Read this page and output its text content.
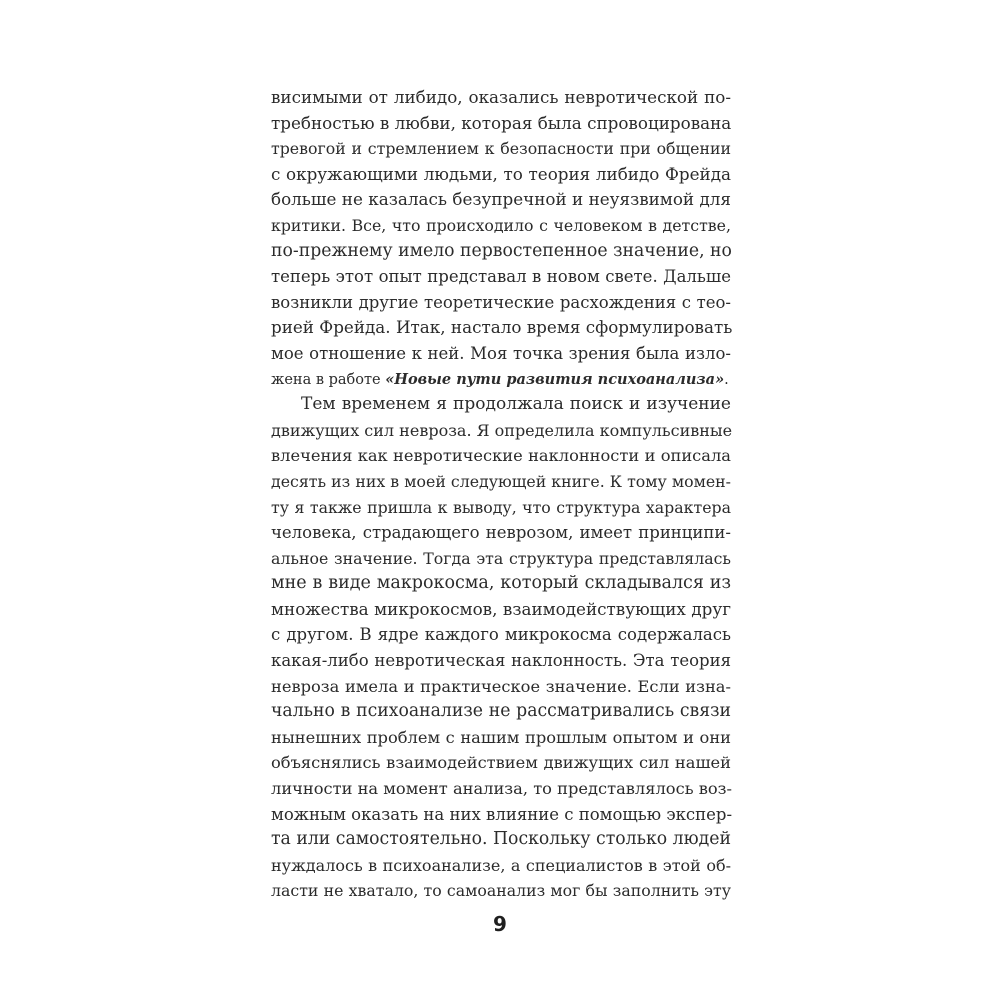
висимыми от либидо, оказались невротической по-
требностью в любви, которая была спровоцирована
тревогой и стремлением к безопасности при общении
с окружающими людьми, то теория либидо Фрейда
больше не казалась безупречной и неуязвимой для
критики. Все, что происходило с человеком в детстве,
по-прежнему имело первостепенное значение, но
теперь этот опыт представал в новом свете. Дальше
возникли другие теоретические расхождения с тео-
рией Фрейда. Итак, настало время сформулировать
мое отношение к ней. Моя точка зрения была изло-
жена в работе «Новые пути развития психоанализа».
Тем временем я продолжала поиск и изучение
движущих сил невроза. Я определила компульсивные
влечения как невротические наклонности и описала
десять из них в моей следующей книге. К тому момен-
ту я также пришла к выводу, что структура характера
человека, страдающего неврозом, имеет принципи-
альное значение. Тогда эта структура представлялась
мне в виде макрокосма, который складывался из
множества микрокосмов, взаимодействующих друг
с другом. В ядре каждого микрокосма содержалась
какая-либо невротическая наклонность. Эта теория
невроза имела и практическое значение. Если изна-
чально в психоанализе не рассматривались связи
нынешних проблем с нашим прошлым опытом и они
объяснялись взаимодействием движущих сил нашей
личности на момент анализа, то представлялось воз-
можным оказать на них влияние с помощью экспер-
та или самостоятельно. Поскольку столько людей
нуждалось в психоанализе, а специалистов в этой об-
ласти не хватало, то самоанализ мог бы заполнить эту
9
